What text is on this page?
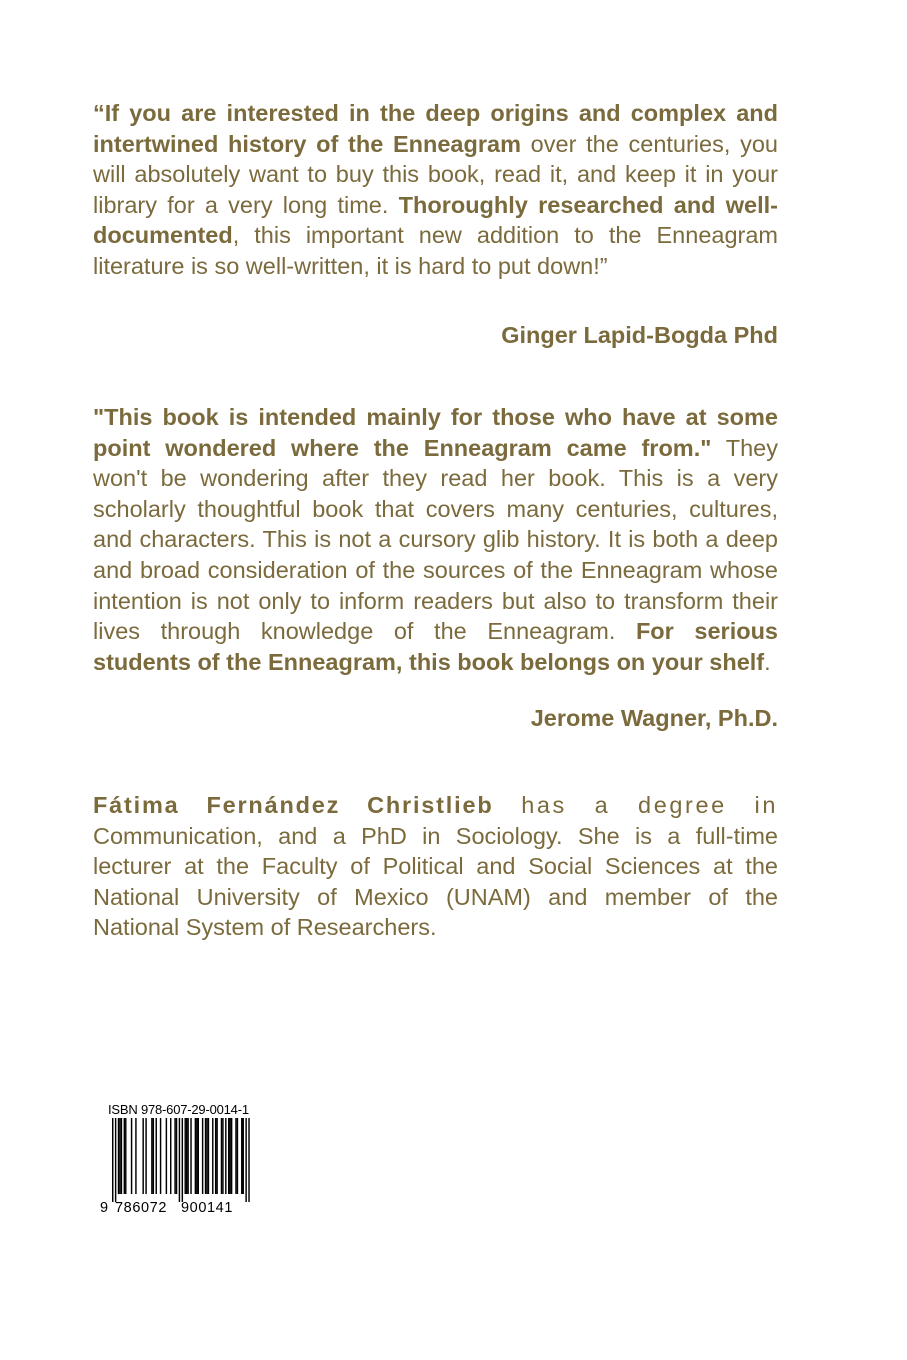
“If you are interested in the deep origins and complex and intertwined history of the Enneagram over the centuries, you will absolutely want to buy this book, read it, and keep it in your library for a very long time. Thoroughly researched and well-documented, this important new addition to the Enneagram literature is so well-written, it is hard to put down!”
Ginger Lapid-Bogda Phd
"This book is intended mainly for those who have at some point wondered where the Enneagram came from." They won't be wondering after they read her book. This is a very scholarly thoughtful book that covers many centuries, cultures, and characters. This is not a cursory glib history. It is both a deep and broad consideration of the sources of the Enneagram whose intention is not only to inform readers but also to transform their lives through knowledge of the Enneagram. For serious students of the Enneagram, this book belongs on your shelf.
Jerome Wagner, Ph.D.
Fátima Fernández Christlieb has a degree in Communication, and a PhD in Sociology. She is a full-time lecturer at the Faculty of Political and Social Sciences at the National University of Mexico (UNAM) and member of the National System of Researchers.
ISBN 978-607-29-0014-1
9 786072 900141
